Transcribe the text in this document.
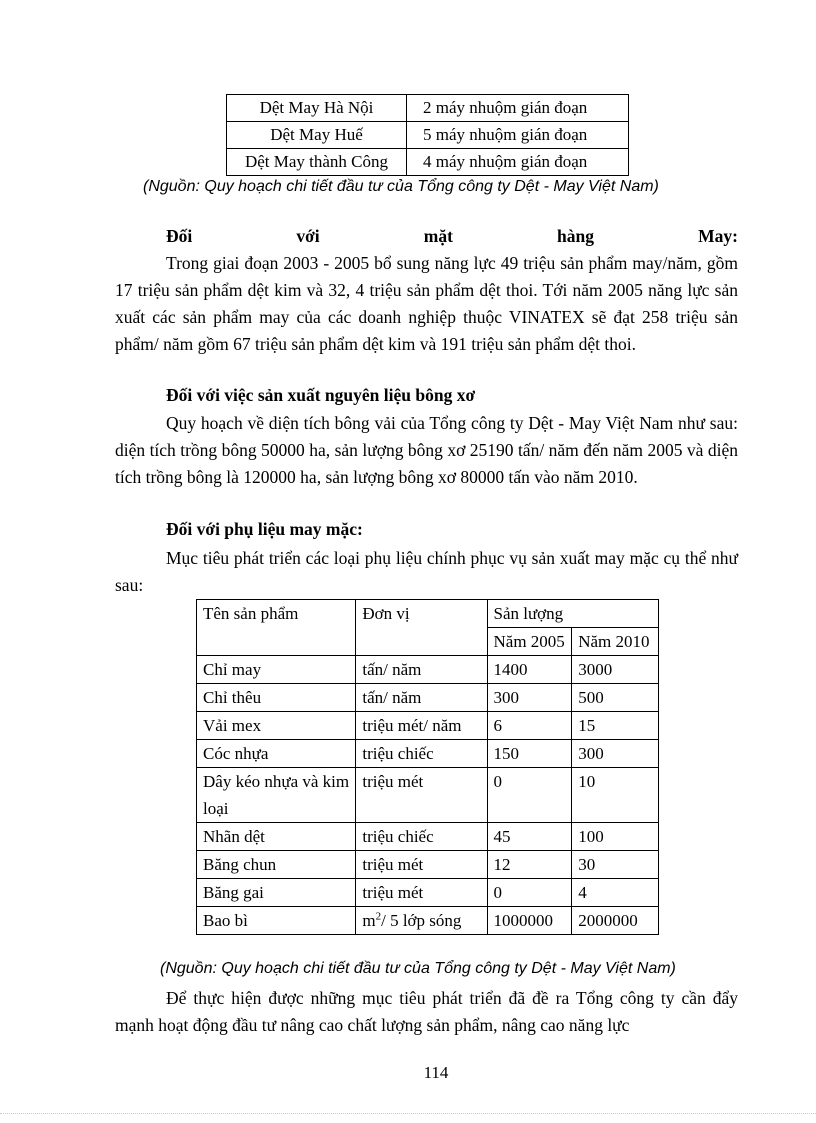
Dệt May Hà Nội	2 máy nhuộm gián đoạn
Dệt May Huế	5 máy nhuộm gián đoạn
Dệt May thành Công	4 máy nhuộm gián đoạn
(Nguồn: Quy hoạch chi tiết đầu tư của Tổng công ty Dệt - May Việt Nam)
Đối	với	mặt	hàng	May:
Trong giai đoạn 2003 - 2005 bổ sung năng lực 49 triệu sản phẩm may/năm, gồm 17 triệu sản phẩm dệt kim và 32, 4 triệu sản phẩm dệt thoi. Tới năm 2005 năng lực sản xuất các sản phẩm may của các doanh nghiệp thuộc VINATEX sẽ đạt 258 triệu sản phẩm/ năm gồm 67 triệu sản phẩm dệt kim và 191 triệu sản phẩm dệt thoi.
Đối với việc sản xuất nguyên liệu bông xơ
Quy hoạch về diện tích bông vải của Tổng công ty Dệt - May Việt Nam như sau: diện tích trồng bông 50000 ha, sản lượng bông xơ 25190 tấn/ năm đến năm 2005 và diện tích trồng bông là 120000 ha, sản lượng bông xơ 80000 tấn vào năm 2010.
Đối với phụ liệu may mặc:
Mục tiêu phát triển các loại phụ liệu chính phục vụ sản xuất may mặc cụ thể như sau:
Tên sản phẩm	Đơn vị	Sản lượng	
		Năm 2005	Năm 2010
Chỉ may	tấn/ năm	1400	3000
Chỉ thêu	tấn/ năm	300	500
Vải mex	triệu mét/ năm	6	15
Cóc nhựa	triệu chiếc	150	300
Dây kéo nhựa và kim loại	triệu mét	0	10
Nhãn dệt	triệu chiếc	45	100
Băng chun	triệu mét	12	30
Băng gai	triệu mét	0	4
Bao bì	$m^2/$ 5 lớp sóng	1000000	2000000
(Nguồn: Quy hoạch chi tiết đầu tư của Tổng công ty Dệt - May Việt Nam)
Để thực hiện được những mục tiêu phát triển đã đề ra Tổng công ty cần đẩy mạnh hoạt động đầu tư nâng cao chất lượng sản phẩm, nâng cao năng lực
114
